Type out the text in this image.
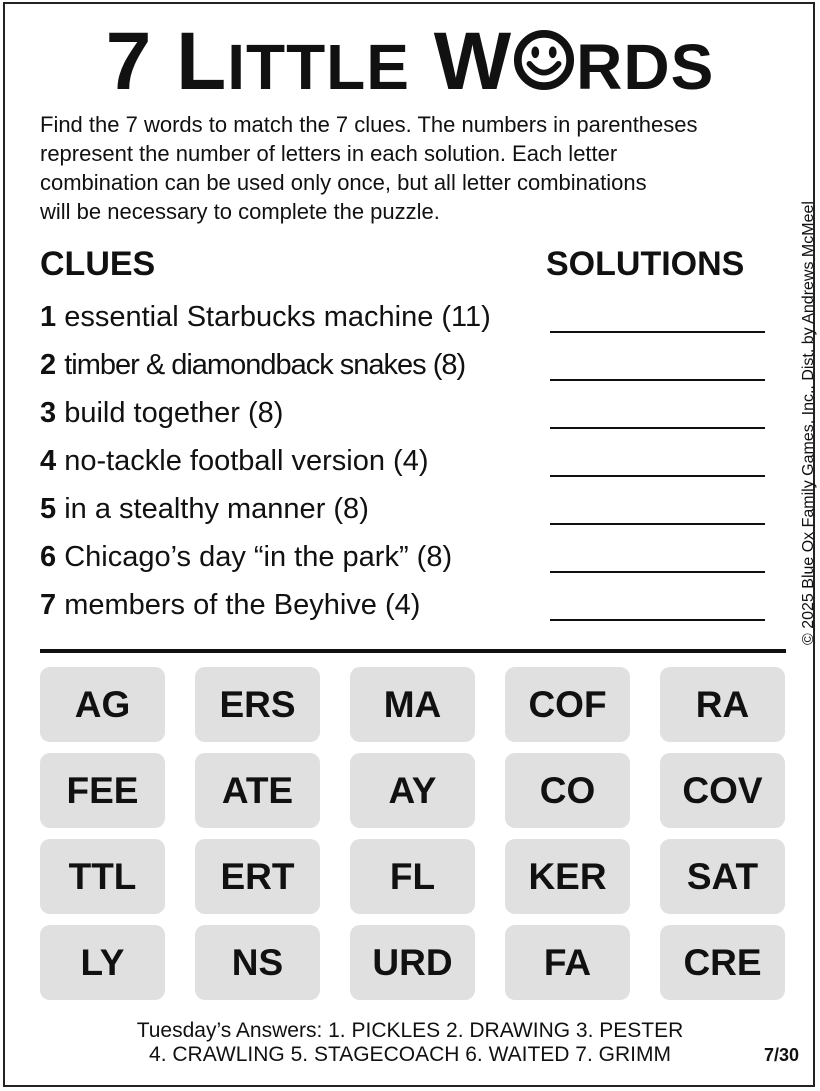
7 LITTLE W RDS
Find the 7 words to match the 7 clues. The numbers in parentheses
represent the number of letters in each solution. Each letter
combination can be used only once, but all letter combinations
will be necessary to complete the puzzle.	© 2025 Blue Ox Family Games, Inc., Dist. by Andrews McMeel
CLUES	SOLUTIONS
1 essential Starbucks machine (11)
2 timber & diamondback snakes (8)
3 build together (8)
4 no-tackle football version (4)
5 in a stealthy manner (8)
6 Chicago’s day “in the park” (8)
7 members of the Beyhive (4)
AG	ERS	MA	COF	RA
FEE	ATE	AY	CO	COV
TTL	ERT	FL	KER	SAT
LY	NS	URD	FA	CRE
Tuesday’s Answers: 1. PICKLES 2. DRAWING 3. PESTER
4. CRAWLING 5. STAGECOACH 6. WAITED 7. GRIMM	7/30
